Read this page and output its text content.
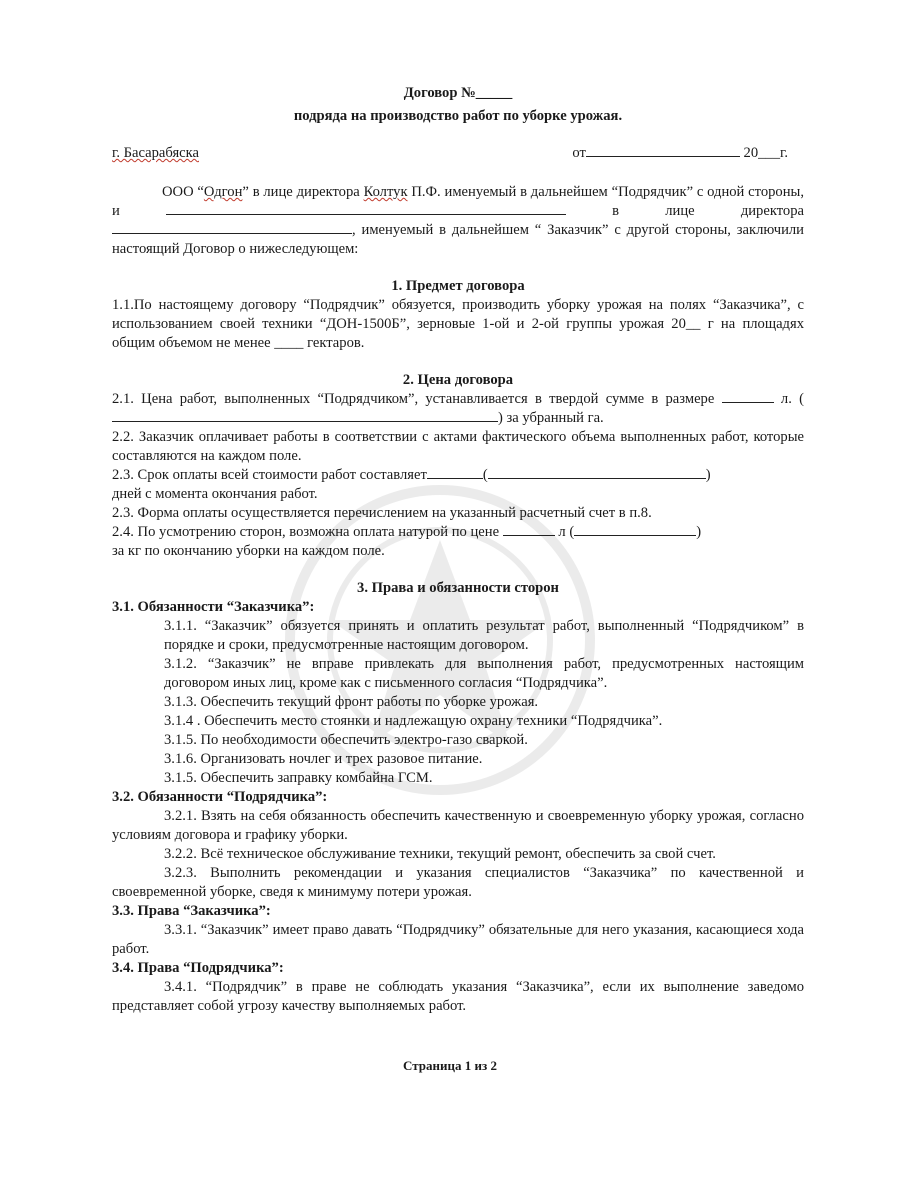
Договор №_____
подряда на производство работ по уборке урожая.
г. Басарабяска	от	20___г.

ООО “Одгон” в лице директора Колтук П.Ф. именуемый в дальнейшем “Подрядчик” с одной стороны, и	в лице директора , именуемый в дальнейшем “ Заказчик” с другой стороны, заключили настоящий Договор о нижеследующем:

1. Предмет договора

1.1.По настоящему договору “Подрядчик” обязуется, производить уборку урожая на полях “Заказчика”, с использованием своей техники “ДОН-1500Б”, зерновые 1-ой и 2-ой группы урожая 20__ г на площадях общим объемом не менее ____ гектаров.

2. Цена договора

2.1. Цена работ, выполненных “Подрядчиком”, устанавливается в твердой сумме в размере	л. () за убранный га.

2.2. Заказчик оплачивает работы в соответствии с актами фактического объема выполненных работ, которые составляются на каждом поле.

2.3. Срок оплаты всей стоимости работ составляет	(	)
дней с момента окончания работ.

2.3. Форма оплаты осуществляется перечислением на указанный расчетный счет в п.8.

2.4. По усмотрению сторон, возможна оплата натурой по цене	л (	)
за кг по окончанию уборки на каждом поле.

3. Права и обязанности сторон

3.1. Обязанности “Заказчика”:

3.1.1. “Заказчик” обязуется принять и оплатить результат работ, выполненный “Подрядчиком” в порядке и сроки, предусмотренные настоящим договором.

3.1.2. “Заказчик” не вправе привлекать для выполнения работ, предусмотренных настоящим договором иных лиц, кроме как с письменного согласия “Подрядчика”.

3.1.3. Обеспечить текущий фронт работы по уборке урожая.

3.1.4 . Обеспечить место стоянки и надлежащую охрану техники “Подрядчика”.

3.1.5. По необходимости обеспечить электро-газо сваркой.

3.1.6. Организовать ночлег и трех разовое питание.

3.1.5. Обеспечить заправку комбайна ГСМ.

3.2. Обязанности “Подрядчика”:

3.2.1. Взять на себя обязанность обеспечить качественную и своевременную уборку урожая, согласно условиям договора и графику уборки.

3.2.2. Всё техническое обслуживание техники, текущий ремонт, обеспечить за свой счет.

3.2.3. Выполнить рекомендации и указания специалистов “Заказчика” по качественной и своевременной уборке, сведя к минимуму потери урожая.

3.3. Права “Заказчика”:

3.3.1. “Заказчик” имеет право давать “Подрядчику” обязательные для него указания, касающиеся хода работ.

3.4. Права “Подрядчика”:

3.4.1. “Подрядчик” в праве не соблюдать указания “Заказчика”, если их выполнение заведомо представляет собой угрозу качеству выполняемых работ.

Страница 1 из 2
